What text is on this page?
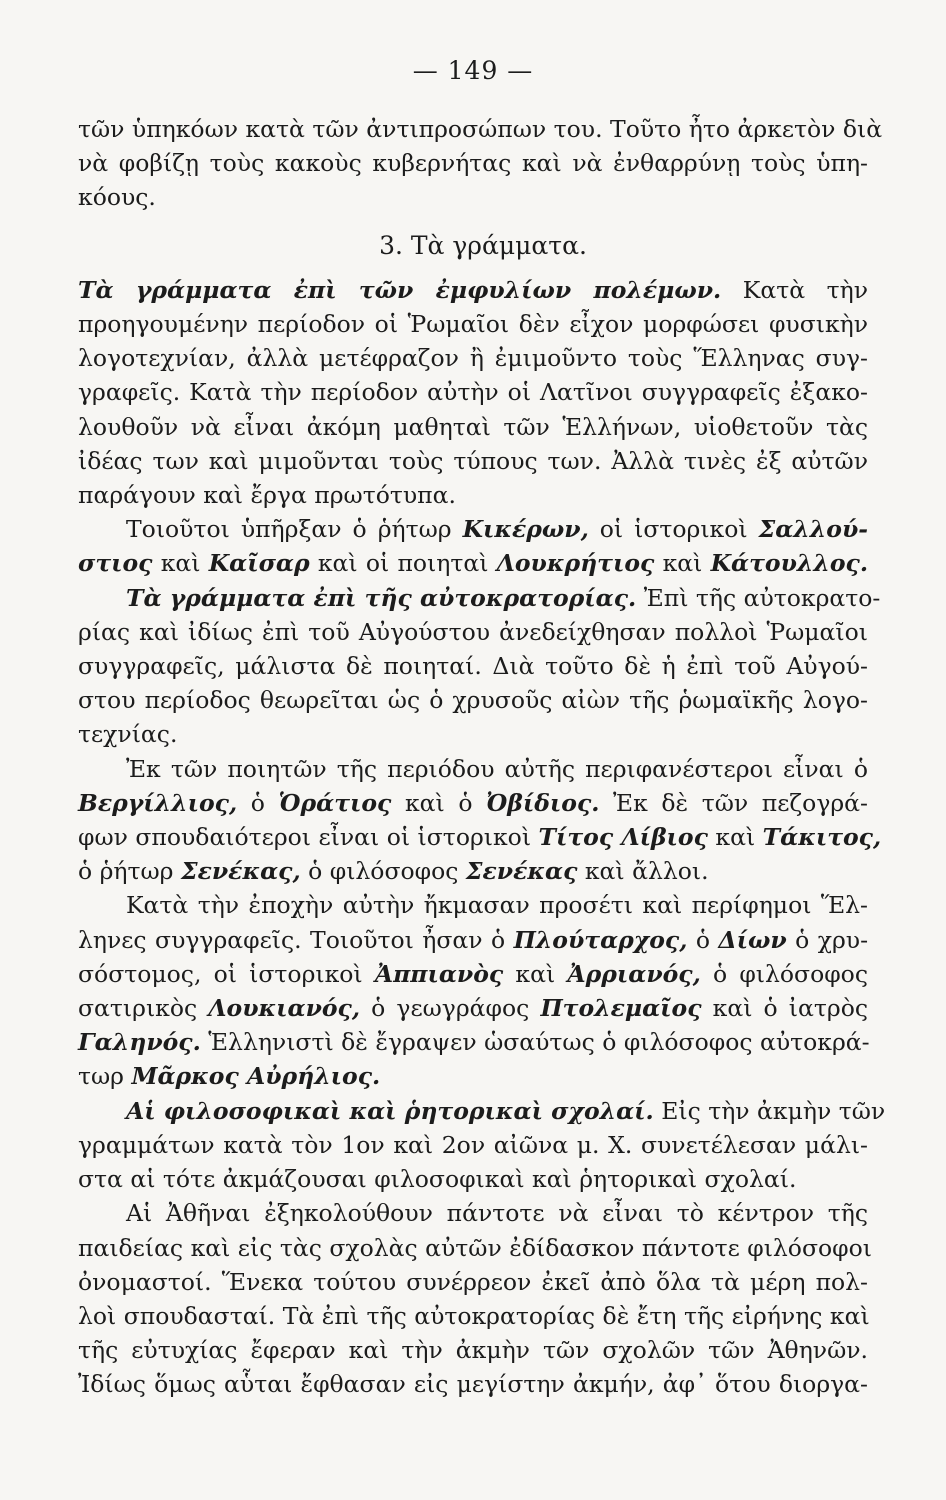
— 149 —
τῶν ὑπηκόων κατὰ τῶν ἀντιπροσώπων του. Τοῦτο ἦτο ἀρκετὸν διὰ
νὰ φοβίζῃ τοὺς κακοὺς κυβερνήτας καὶ νὰ ἐνθαρρύνῃ τοὺς ὑπη-
κόους.
3. Τὰ γράμματα.
Τὰ γράμματα ἐπὶ τῶν ἐμφυλίων πολέμων. Κατὰ τὴν
προηγουμένην περίοδον οἱ Ῥωμαῖοι δὲν εἶχον μορφώσει φυσικὴν
λογοτεχνίαν, ἀλλὰ μετέφραζον ἢ ἐμιμοῦντο τοὺς Ἕλληνας συγ-
γραφεῖς. Κατὰ τὴν περίοδον αὐτὴν οἱ Λατῖνοι συγγραφεῖς ἐξακο-
λουθοῦν νὰ εἶναι ἀκόμη μαθηταὶ τῶν Ἑλλήνων, υἱοθετοῦν τὰς
ἰδέας των καὶ μιμοῦνται τοὺς τύπους των. Ἀλλὰ τινὲς ἐξ αὐτῶν
παράγουν καὶ ἔργα πρωτότυπα.
Τοιοῦτοι ὑπῆρξαν ὁ ῥήτωρ Κικέρων, οἱ ἱστορικοὶ Σαλλού-
στιος καὶ Καῖσαρ καὶ οἱ ποιηταὶ Λουκρήτιος καὶ Κάτουλλος.
Τὰ γράμματα ἐπὶ τῆς αὐτοκρατορίας. Ἐπὶ τῆς αὐτοκρατο-
ρίας καὶ ἰδίως ἐπὶ τοῦ Αὐγούστου ἀνεδείχθησαν πολλοὶ Ῥωμαῖοι
συγγραφεῖς, μάλιστα δὲ ποιηταί. Διὰ τοῦτο δὲ ἡ ἐπὶ τοῦ Αὐγού-
στου περίοδος θεωρεῖται ὡς ὁ χρυσοῦς αἰὼν τῆς ῥωμαϊκῆς λογο-
τεχνίας.
Ἐκ τῶν ποιητῶν τῆς περιόδου αὐτῆς περιφανέστεροι εἶναι ὁ
Βεργίλλιος, ὁ Ὁράτιος καὶ ὁ Ὀβίδιος. Ἐκ δὲ τῶν πεζογρά-
φων σπουδαιότεροι εἶναι οἱ ἱστορικοὶ Τίτος Λίβιος καὶ Τάκιτος,
ὁ ῥήτωρ Σενέκας, ὁ φιλόσοφος Σενέκας καὶ ἄλλοι.
Κατὰ τὴν ἐποχὴν αὐτὴν ἤκμασαν προσέτι καὶ περίφημοι Ἕλ-
ληνες συγγραφεῖς. Τοιοῦτοι ἦσαν ὁ Πλούταρχος, ὁ Δίων ὁ χρυ-
σόστομος, οἱ ἱστορικοὶ Ἀππιανὸς καὶ Ἀρριανός, ὁ φιλόσοφος
σατιρικὸς Λουκιανός, ὁ γεωγράφος Πτολεμαῖος καὶ ὁ ἰατρὸς
Γαληνός. Ἑλληνιστὶ δὲ ἔγραψεν ὡσαύτως ὁ φιλόσοφος αὐτοκρά-
τωρ Μᾶρκος Αὐρήλιος.
Αἱ φιλοσοφικαὶ καὶ ῥητορικαὶ σχολαί. Εἰς τὴν ἀκμὴν τῶν
γραμμάτων κατὰ τὸν 1ον καὶ 2ον αἰῶνα μ. Χ. συνετέλεσαν μάλι-
στα αἱ τότε ἀκμάζουσαι φιλοσοφικαὶ καὶ ῥητορικαὶ σχολαί.
Αἱ Ἀθῆναι ἐξηκολούθουν πάντοτε νὰ εἶναι τὸ κέντρον τῆς
παιδείας καὶ εἰς τὰς σχολὰς αὐτῶν ἐδίδασκον πάντοτε φιλόσοφοι
ὀνομαστοί. Ἕνεκα τούτου συνέρρεον ἐκεῖ ἀπὸ ὅλα τὰ μέρη πολ-
λοὶ σπουδασταί. Τὰ ἐπὶ τῆς αὐτοκρατορίας δὲ ἔτη τῆς εἰρήνης καὶ
τῆς εὐτυχίας ἔφεραν καὶ τὴν ἀκμὴν τῶν σχολῶν τῶν Ἀθηνῶν.
Ἰδίως ὅμως αὗται ἔφθασαν εἰς μεγίστην ἀκμήν, ἀφ᾽ ὅτου διοργα-
